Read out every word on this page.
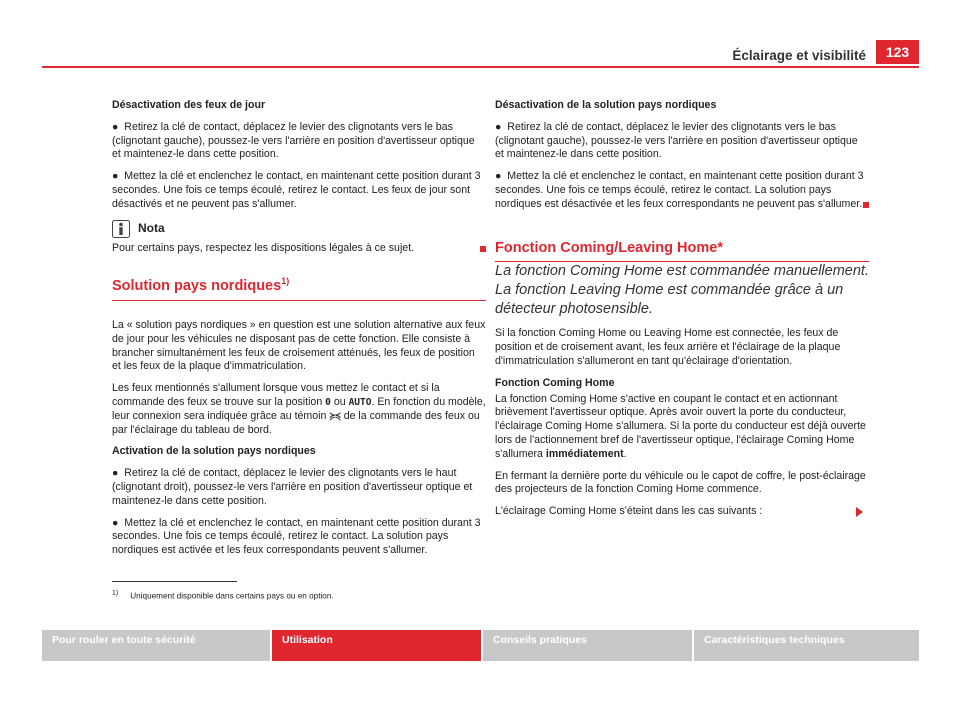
Éclairage et visibilité	123

Désactivation des feux de jour

●  Retirez la clé de contact, déplacez le levier des clignotants vers le bas (clignotant gauche), poussez-le vers l'arrière en position d'avertisseur optique et maintenez-le dans cette position.

●  Mettez la clé et enclenchez le contact, en maintenant cette position durant 3 secondes. Une fois ce temps écoulé, retirez le contact. Les feux de jour sont désactivés et ne peuvent pas s'allumer.

Nota

Pour certains pays, respectez les dispositions légales à ce sujet.

Solution pays nordiques$^{1)}$

La « solution pays nordiques » en question est une solution alternative aux feux de jour pour les véhicules ne disposant pas de cette fonction. Elle consiste à brancher simultanément les feux de croisement atténués, les feux de position et les feux de la plaque d'immatriculation.

Les feux mentionnés s'allument lorsque vous mettez le contact et si la commande des feux se trouve sur la position 0 ou AUTO. En fonction du modèle, leur connexion sera indiquée grâce au témoin ≽≼ de la commande des feux ou par l'éclairage du tableau de bord.

Activation de la solution pays nordiques

●  Retirez la clé de contact, déplacez le levier des clignotants vers le haut (clignotant droit), poussez-le vers l'arrière en position d'avertisseur optique et maintenez-le dans cette position.

●  Mettez la clé et enclenchez le contact, en maintenant cette position durant 3 secondes. Une fois ce temps écoulé, retirez le contact. La solution pays nordiques est activée et les feux correspondants peuvent s'allumer.

Désactivation de la solution pays nordiques

●  Retirez la clé de contact, déplacez le levier des clignotants vers le bas (clignotant gauche), poussez-le vers l'arrière en position d'avertisseur optique et maintenez-le dans cette position.

●  Mettez la clé et enclenchez le contact, en maintenant cette position durant 3 secondes. Une fois ce temps écoulé, retirez le contact. La solution pays nordiques est désactivée et les feux correspondants ne peuvent pas s'allumer.

Fonction Coming/Leaving Home*

La fonction Coming Home est commandée manuellement. La fonction Leaving Home est commandée grâce à un détecteur photosensible.

Si la fonction Coming Home ou Leaving Home est connectée, les feux de position et de croisement avant, les feux arrière et l'éclairage de la plaque d'immatriculation s'allumeront en tant qu'éclairage d'orientation.

Fonction Coming Home

La fonction Coming Home s'active en coupant le contact et en actionnant brièvement l'avertisseur optique. Après avoir ouvert la porte du conducteur, l'éclairage Coming Home s'allumera. Si la porte du conducteur est déjà ouverte lors de l'actionnement bref de l'avertisseur optique, l'éclairage Coming Home s'allumera immédiatement.

En fermant la dernière porte du véhicule ou le capot de coffre, le post-éclairage des projecteurs de la fonction Coming Home commence.

L'éclairage Coming Home s'éteint dans les cas suivants :

$^{1)}$ Uniquement disponible dans certains pays ou en option.
Pour rouler en toute sécurité	Utilisation	Conseils pratiques	Caractéristiques techniques
